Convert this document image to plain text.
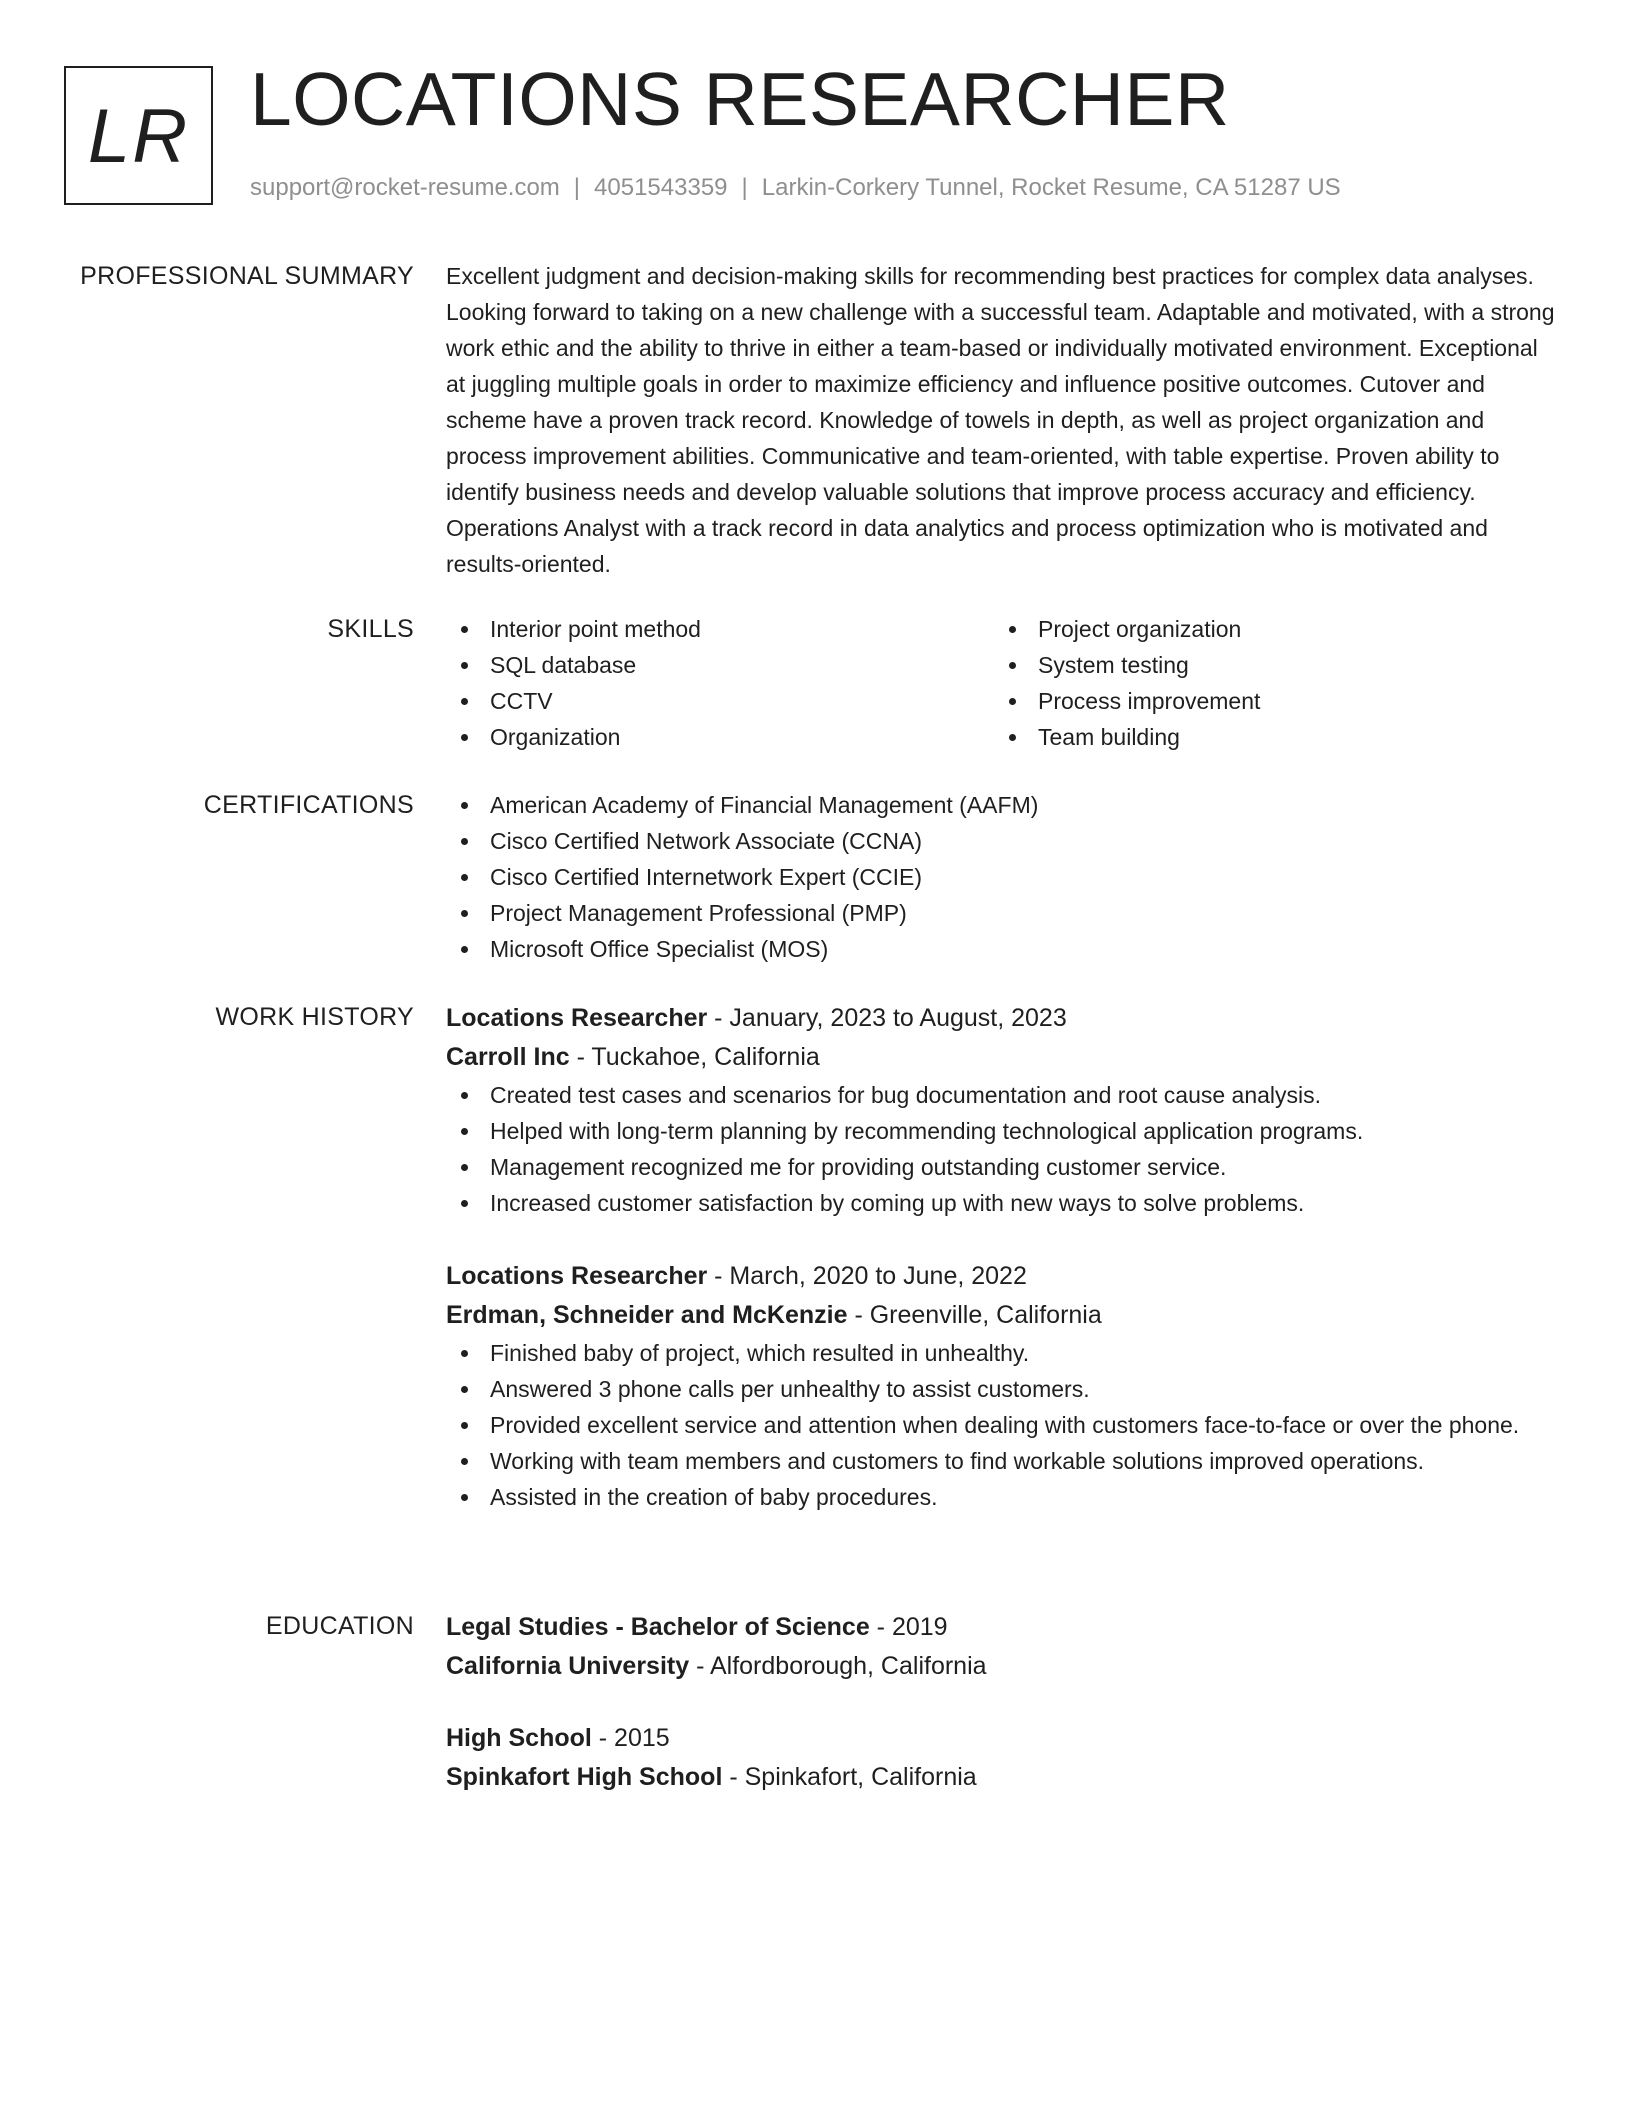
LR LOCATIONS RESEARCHER
support@rocket-resume.com | 4051543359 | Larkin-Corkery Tunnel, Rocket Resume, CA 51287 US
PROFESSIONAL SUMMARY Excellent judgment and decision-making skills for recommending best practices for complex data analyses. Looking forward to taking on a new challenge with a successful team. Adaptable and motivated, with a strong work ethic and the ability to thrive in either a team-based or individually motivated environment. Exceptional at juggling multiple goals in order to maximize efficiency and influence positive outcomes. Cutover and scheme have a proven track record. Knowledge of towels in depth, as well as project organization and process improvement abilities. Communicative and team-oriented, with table expertise. Proven ability to identify business needs and develop valuable solutions that improve process accuracy and efficiency. Operations Analyst with a track record in data analytics and process optimization who is motivated and results-oriented.

SKILLS	Interior point method
SQL database
CCTV
Organization
Project organization
System testing
Process improvement
Team building
CERTIFICATIONS	American Academy of Financial Management (AAFM)
Cisco Certified Network Associate (CCNA)
Cisco Certified Internetwork Expert (CCIE)
Project Management Professional (PMP)
Microsoft Office Specialist (MOS)
WORK HISTORY Locations Researcher - January, 2023 to August, 2023
Carroll Inc - Tuckahoe, California
Created test cases and scenarios for bug documentation and root cause analysis.
Helped with long-term planning by recommending technological application programs.
Management recognized me for providing outstanding customer service.
Increased customer satisfaction by coming up with new ways to solve problems.
Locations Researcher - March, 2020 to June, 2022
Erdman, Schneider and McKenzie - Greenville, California
Finished baby of project, which resulted in unhealthy.
Answered 3 phone calls per unhealthy to assist customers.
Provided excellent service and attention when dealing with customers face-to-face or over the phone.
Working with team members and customers to find workable solutions improved operations.
Assisted in the creation of baby procedures.
EDUCATION Legal Studies - Bachelor of Science - 2019
California University - Alfordborough, California
High School - 2015
Spinkafort High School - Spinkafort, California
